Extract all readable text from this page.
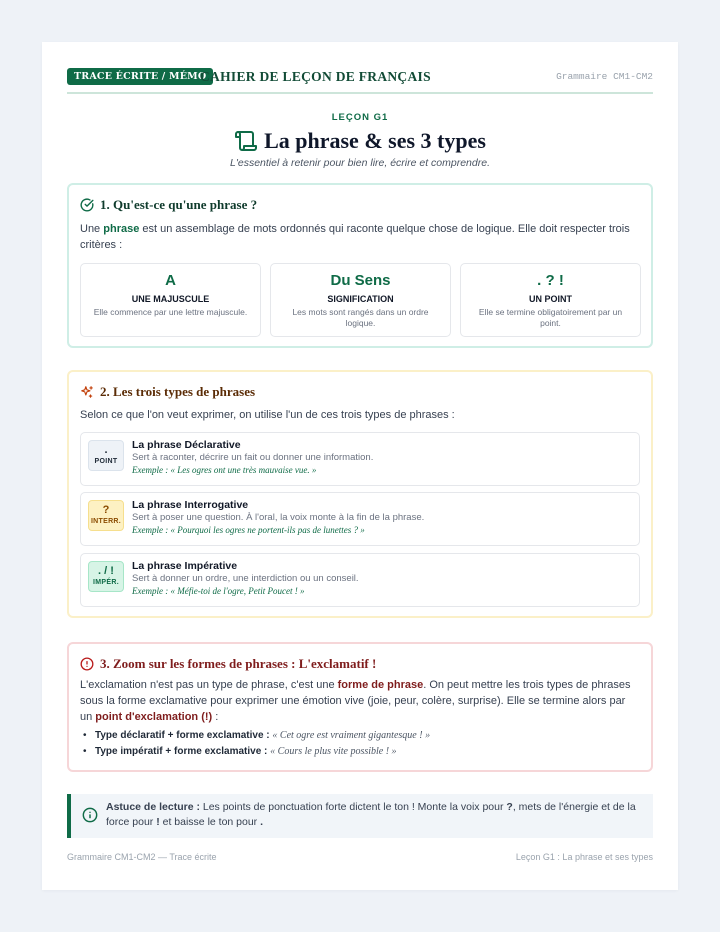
TRACE ÉCRITE / MÉMO
CAHIER DE LEÇON DE FRANÇAIS	Grammaire CM1-CM2
LEÇON G1
La phrase & ses 3 types
L'essentiel à retenir pour bien lire, écrire et comprendre.
1. Qu'est-ce qu'une phrase ?
Une phrase est un assemblage de mots ordonnés qui raconte quelque chose de logique. Elle doit respecter trois critères :
A
UNE MAJUSCULE
Elle commence par une lettre majuscule.
Du Sens
SIGNIFICATION
Les mots sont rangés dans un ordre logique.
. ? !
UN POINT
Elle se termine obligatoirement par un point.
2. Les trois types de phrases
Selon ce que l'on veut exprimer, on utilise l'un de ces trois types de phrases :
.
POINT
La phrase Déclarative
Sert à raconter, décrire un fait ou donner une information.
Exemple : « Les ogres ont une très mauvaise vue. »
?
INTERR.
La phrase Interrogative
Sert à poser une question. À l'oral, la voix monte à la fin de la phrase.
Exemple : « Pourquoi les ogres ne portent-ils pas de lunettes ? »
. / !
IMPÉR.
La phrase Impérative
Sert à donner un ordre, une interdiction ou un conseil.
Exemple : « Méfie-toi de l'ogre, Petit Poucet ! »
3. Zoom sur les formes de phrases : L'exclamatif !
L'exclamation n'est pas un type de phrase, c'est une forme de phrase. On peut mettre les trois types de phrases sous la forme exclamative pour exprimer une émotion vive (joie, peur, colère, surprise). Elle se termine alors par un point d'exclamation (!) :
• Type déclaratif + forme exclamative : « Cet ogre est vraiment gigantesque ! »
• Type impératif + forme exclamative : « Cours le plus vite possible ! »
Astuce de lecture : Les points de ponctuation forte dictent le ton ! Monte la voix pour ?, mets de l'énergie et de la force pour ! et baisse le ton pour .
Grammaire CM1-CM2 — Trace écrite	Leçon G1 : La phrase et ses types
